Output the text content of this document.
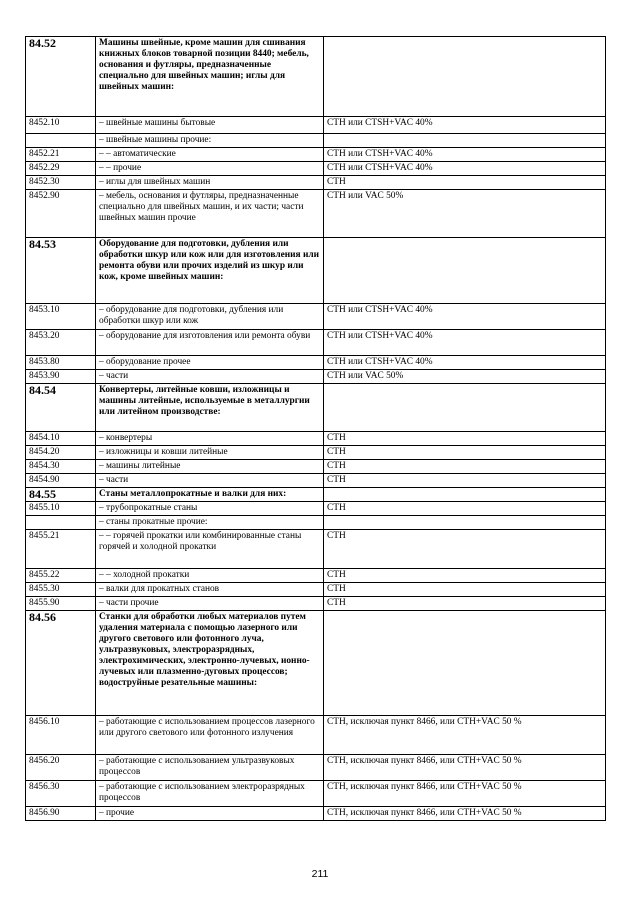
84.52	Машины швейные, кроме машин для сшивания книжных блоков товарной позиции 8440; мебель, основания и футляры, предназначенные специально для швейных машин; иглы для швейных машин:	
8452.10	– швейные машины бытовые	СТН или CTSH+VAC 40%
	– швейные машины прочие:	
8452.21	– – автоматические	СТН или CTSH+VAC 40%
8452.29	– – прочие	СТН или CTSH+VAC 40%
8452.30	– иглы для швейных машин	СТН
8452.90	– мебель, основания и футляры, предназначенные специально для швейных машин, и их части; части швейных машин прочие	СТН или VAC 50%
84.53	Оборудование для подготовки, дубления или обработки шкур или кож или для изготовления или ремонта обуви или прочих изделий из шкур или кож, кроме швейных машин:	
8453.10	– оборудование для подготовки, дубления или обработки шкур или кож	СТН или CTSH+VAC 40%
8453.20	– оборудование для изготовления или ремонта обуви	СТН или CTSH+VAC 40%
8453.80	– оборудование прочее	СТН или CTSH+VAC 40%
8453.90	– части	СТН или VAC 50%
84.54	Конвертеры, литейные ковши, изложницы и машины литейные, используемые в металлургии или литейном производстве:	
8454.10	– конвертеры	СТН
8454.20	– изложницы и ковши литейные	СТН
8454.30	– машины литейные	СТН
8454.90	– части	СТН
84.55	Станы металлопрокатные и валки для них:	
8455.10	– трубопрокатные станы	СТН
	– станы прокатные прочие:	
8455.21	– – горячей прокатки или комбинированные станы горячей и холодной прокатки	СТН
8455.22	– – холодной прокатки	СТН
8455.30	– валки для прокатных станов	СТН
8455.90	– части прочие	СТН
84.56	Станки для обработки любых материалов путем удаления материала с помощью лазерного или другого светового или фотонного луча, ультразвуковых, электроразрядных, электрохимических, электронно-лучевых, ионно-лучевых или плазменно-дуговых процессов; водоструйные резательные машины:	
8456.10	– работающие с использованием процессов лазерного или другого светового или фотонного излучения	СТН, исключая пункт 8466, или СТН+VAC 50 %
8456.20	– работающие с использованием ультразвуковых процессов	СТН, исключая пункт 8466, или СТН+VAC 50 %
8456.30	– работающие с использованием электроразрядных процессов	СТН, исключая пункт 8466, или СТН+VAC 50 %
8456.90	– прочие	СТН, исключая пункт 8466, или СТН+VAC 50 %
211
